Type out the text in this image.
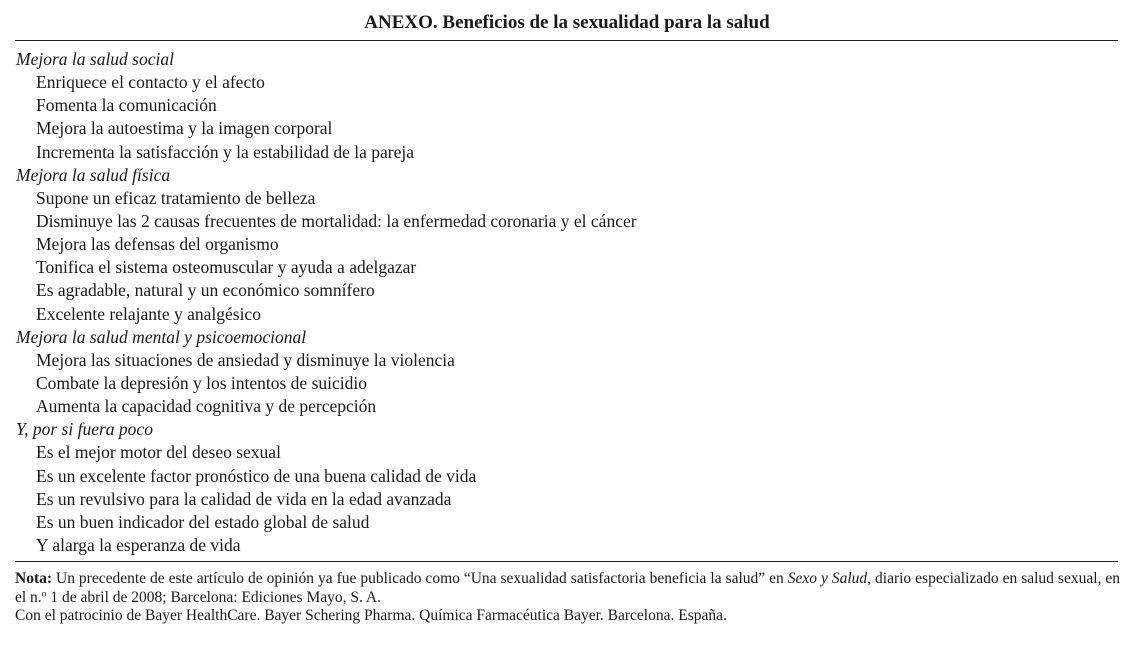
ANEXO. Beneficios de la sexualidad para la salud
Mejora la salud social
Enriquece el contacto y el afecto
Fomenta la comunicación
Mejora la autoestima y la imagen corporal
Incrementa la satisfacción y la estabilidad de la pareja
Mejora la salud física
Supone un eficaz tratamiento de belleza
Disminuye las 2 causas frecuentes de mortalidad: la enfermedad coronaria y el cáncer
Mejora las defensas del organismo
Tonifica el sistema osteomuscular y ayuda a adelgazar
Es agradable, natural y un económico somnífero
Excelente relajante y analgésico
Mejora la salud mental y psicoemocional
Mejora las situaciones de ansiedad y disminuye la violencia
Combate la depresión y los intentos de suicidio
Aumenta la capacidad cognitiva y de percepción
Y, por si fuera poco
Es el mejor motor del deseo sexual
Es un excelente factor pronóstico de una buena calidad de vida
Es un revulsivo para la calidad de vida en la edad avanzada
Es un buen indicador del estado global de salud
Y alarga la esperanza de vida

Nota: Un precedente de este artículo de opinión ya fue publicado como “Una sexualidad satisfactoria beneficia la salud” en Sexo y Salud, diario especializado en salud sexual, en el n.º 1 de abril de 2008; Barcelona: Ediciones Mayo, S. A.

Con el patrocinio de Bayer HealthCare. Bayer Schering Pharma. Química Farmacéutica Bayer. Barcelona. España.
